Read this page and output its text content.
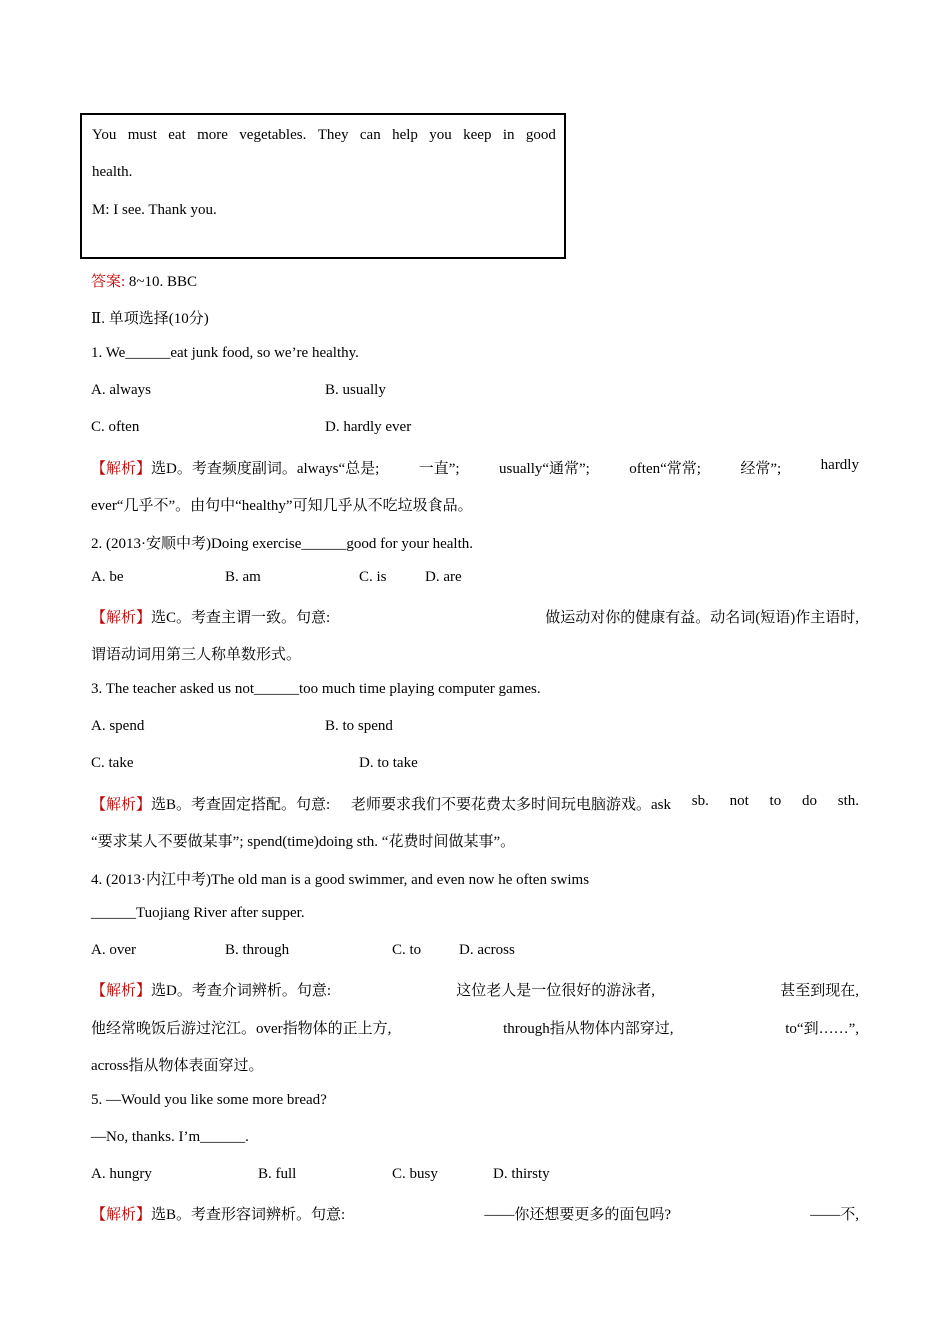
You must eat more vegetables. They can help you keep in good
health.
M: I see. Thank you.
答案: 8~10. BBC
Ⅱ. 单项选择(10分)
1. We______eat junk food, so we’re healthy.
A. always	B. usually
C. often	D. hardly ever
【解析】选D。考查频度副词。always“总是;	一直”;	usually“通常”;	often“常常;	经常”;	hardly
ever“几乎不”。由句中“healthy”可知几乎从不吃垃圾食品。
2. (2013·安顺中考)Doing exercise______good for your health.
A. be	B. am	C. is	D. are
【解析】选C。考查主谓一致。句意:	做运动对你的健康有益。动名词(短语)作主语时,
谓语动词用第三人称单数形式。
3. The teacher asked us not______too much time playing computer games.
A. spend	B. to spend
C. take	D. to take
【解析】选B。考查固定搭配。句意: 老师要求我们不要花费太多时间玩电脑游戏。ask sb. not to do sth.
“要求某人不要做某事”; spend(time)doing sth. “花费时间做某事”。
4. (2013·内江中考)The old man is a good swimmer, and even now he often swims
______Tuojiang River after supper.
A. over	B. through	C. to	D. across
【解析】选D。考查介词辨析。句意:	这位老人是一位很好的游泳者,	甚至到现在,
他经常晚饭后游过沱江。over指物体的正上方,	through指从物体内部穿过,	to“到……”,
across指从物体表面穿过。
5. —Would you like some more bread?
—No, thanks. I’m______.
A. hungry	B. full	C. busy	D. thirsty
【解析】选B。考查形容词辨析。句意:	——你还想要更多的面包吗?	——不,
